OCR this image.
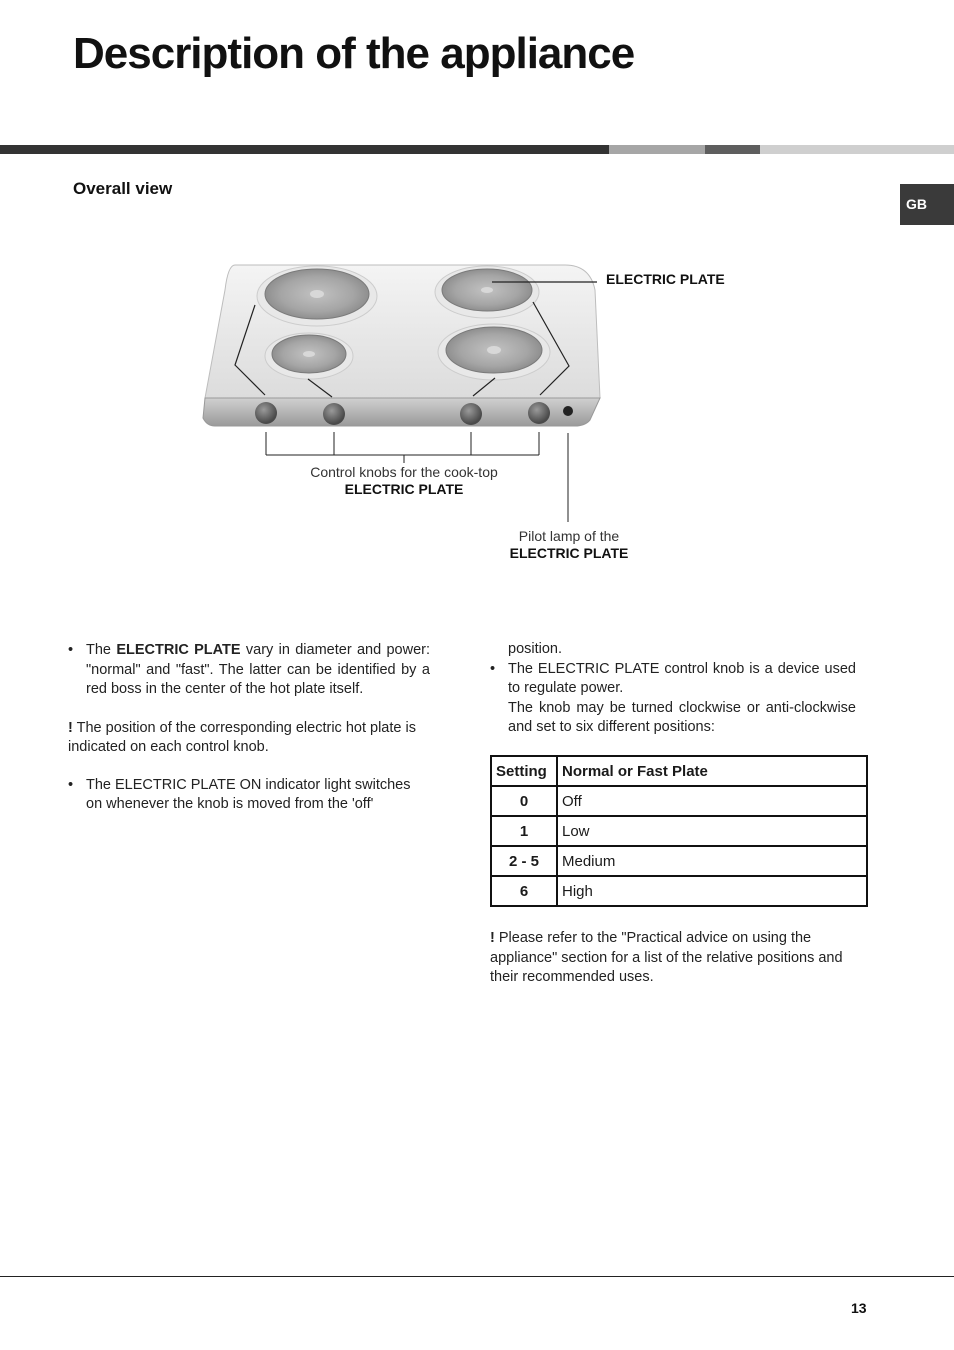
Description of the appliance
Overall view
GB
ELECTRIC PLATE
Control knobs for the cook-top
ELECTRIC PLATE
Pilot lamp of the
ELECTRIC PLATE
• The ELECTRIC PLATE vary in diameter and power: "normal" and "fast". The latter can be identified by a red boss in the center of the hot plate itself.
! The position of the corresponding electric hot plate is indicated on each control knob.
• The ELECTRIC PLATE ON indicator light switches on whenever the knob is moved from the 'off'
position.
• The ELECTRIC PLATE control knob is a device used to regulate power.
The knob may be turned clockwise or anti-clockwise and set to six different positions:
Setting	Normal or Fast Plate
0	Off
1	Low
2 - 5	Medium
6	High
! Please refer to the "Practical advice on using the appliance" section for a list of the relative positions and their recommended uses.
13
